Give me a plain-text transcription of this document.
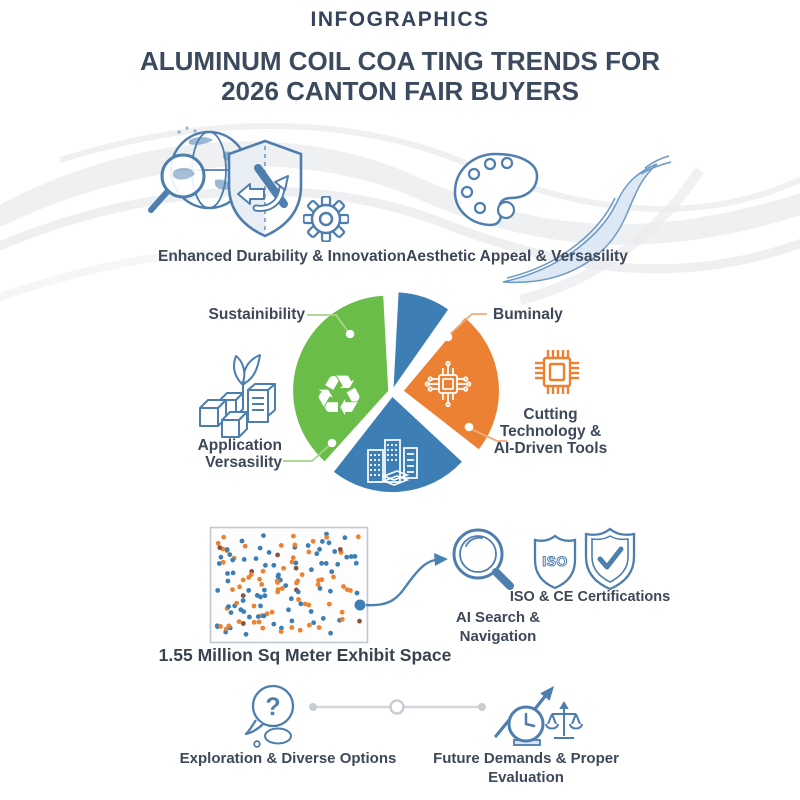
INFOGRAPHICS
ALUMINUM COIL COA TING TRENDS FOR
2026 CANTON FAIR BUYERS
Enhanced Durability & Innovation Aesthetic Appeal & Versasility
♻
Sustainibility	Buminaly
Application
Versasility
Cutting
Technology &
AI-Driven Tools
1.55 Million Sq Meter Exhibit Space
AI Search &
Navigation
ISO
ISO & CE Certifications
?
Exploration & Diverse Options	Future Demands & Proper Evaluation
